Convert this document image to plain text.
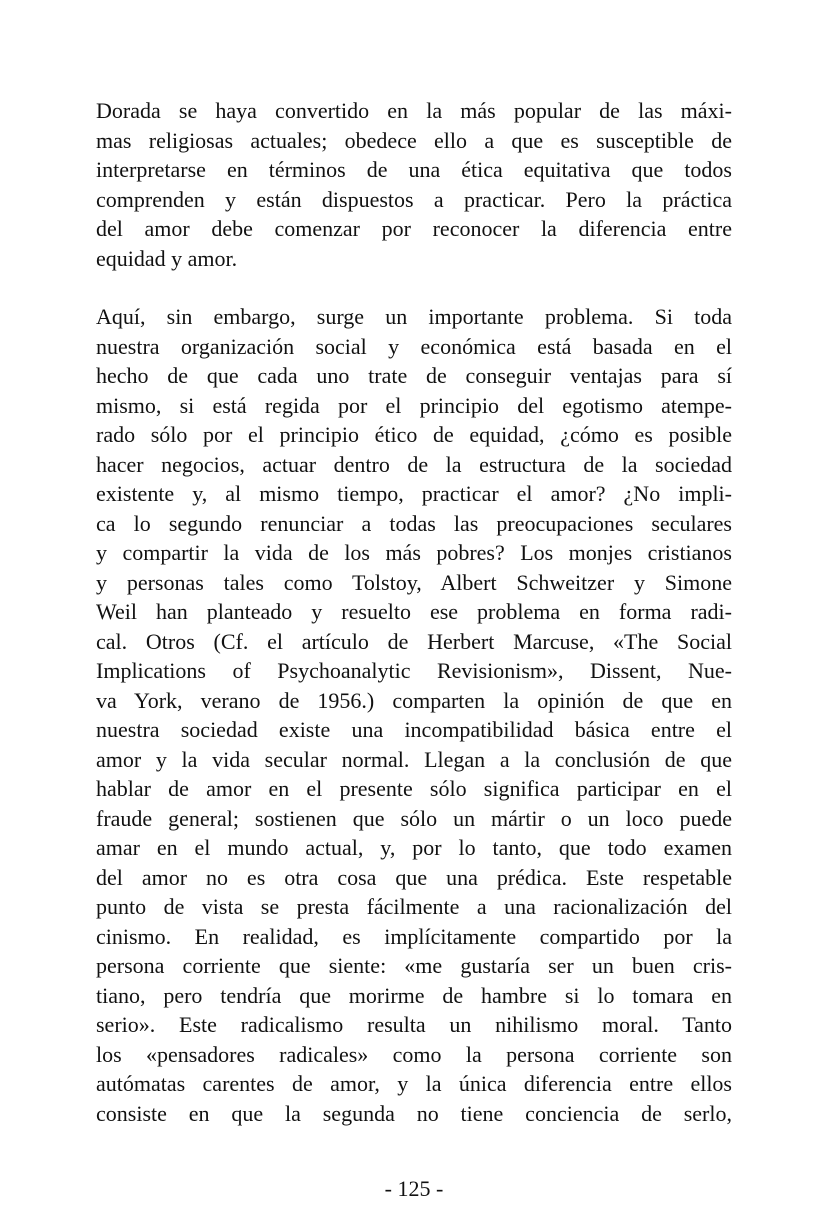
Dorada se haya convertido en la más popular de las máxi-
mas religiosas actuales; obedece ello a que es susceptible de
interpretarse en términos de una ética equitativa que todos
comprenden y están dispuestos a practicar. Pero la práctica
del amor debe comenzar por reconocer la diferencia entre
equidad y amor.
Aquí, sin embargo, surge un importante problema. Si toda
nuestra organización social y económica está basada en el
hecho de que cada uno trate de conseguir ventajas para sí
mismo, si está regida por el principio del egotismo atempe-
rado sólo por el principio ético de equidad, ¿cómo es posible
hacer negocios, actuar dentro de la estructura de la sociedad
existente y, al mismo tiempo, practicar el amor? ¿No impli-
ca lo segundo renunciar a todas las preocupaciones seculares
y compartir la vida de los más pobres? Los monjes cristianos
y personas tales como Tolstoy, Albert Schweitzer y Simone
Weil han planteado y resuelto ese problema en forma radi-
cal. Otros (Cf. el artículo de Herbert Marcuse, «The Social
Implications of Psychoanalytic Revisionism», Dissent, Nue-
va York, verano de 1956.) comparten la opinión de que en
nuestra sociedad existe una incompatibilidad básica entre el
amor y la vida secular normal. Llegan a la conclusión de que
hablar de amor en el presente sólo significa participar en el
fraude general; sostienen que sólo un mártir o un loco puede
amar en el mundo actual, y, por lo tanto, que todo examen
del amor no es otra cosa que una prédica. Este respetable
punto de vista se presta fácilmente a una racionalización del
cinismo. En realidad, es implícitamente compartido por la
persona corriente que siente: «me gustaría ser un buen cris-
tiano, pero tendría que morirme de hambre si lo tomara en
serio». Este radicalismo resulta un nihilismo moral. Tanto
los «pensadores radicales» como la persona corriente son
autómatas carentes de amor, y la única diferencia entre ellos
consiste en que la segunda no tiene conciencia de serlo,
- 125 -
